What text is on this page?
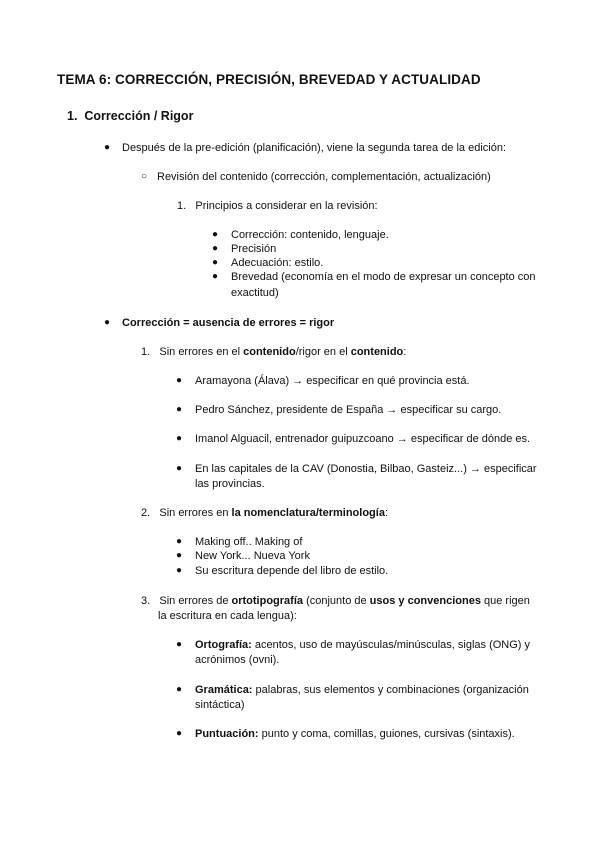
TEMA 6: CORRECCIÓN, PRECISIÓN, BREVEDAD Y ACTUALIDAD
1. Corrección / Rigor
● Después de la pre-edición (planificación), viene la segunda tarea de la edición:
○ Revisión del contenido (corrección, complementación, actualización)
1. Principios a considerar en la revisión:
● Corrección: contenido, lenguaje.
● Precisión
● Adecuación: estilo.
● Brevedad (economía en el modo de expresar un concepto con
exactitud)
● Corrección = ausencia de errores = rigor
1. Sin errores en el contenido/rigor en el contenido:
● Aramayona (Álava) → especificar en qué provincia está.
● Pedro Sánchez, presidente de España → especificar su cargo.
● Imanol Alguacil, entrenador guipuzcoano → especificar de dónde es.
● En las capitales de la CAV (Donostia, Bilbao, Gasteiz...) → especificar
las provincias.
2. Sin errores en la nomenclatura/terminología:
● Making off.. Making of
● New York... Nueva York
● Su escritura depende del libro de estilo.
3. Sin errores de ortotipografía (conjunto de usos y convenciones que rigen
la escritura en cada lengua):
● Ortografía: acentos, uso de mayúsculas/minúsculas, siglas (ONG) y
acrónimos (ovni).
● Gramática: palabras, sus elementos y combinaciones (organización
sintáctica)
● Puntuación: punto y coma, comillas, guiones, cursivas (sintaxis).
